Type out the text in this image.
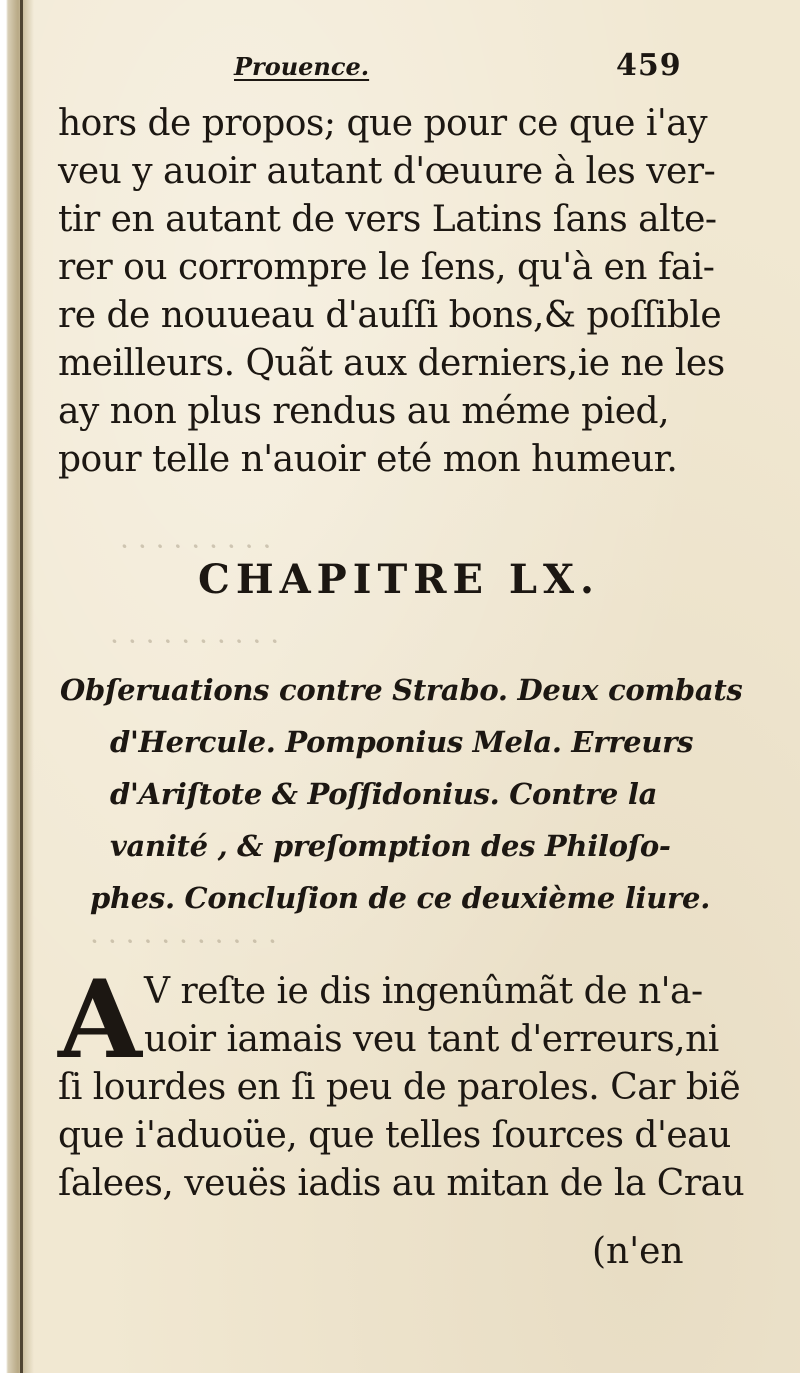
· · · · · · · · ·
· · · · · · · · · ·
· · · · · · · · · · ·
Prouence.	459
hors de propos; que pour ce que i'ay
veu y auoir autant d'œuure à les ver-
tir en autant de vers Latins ſans alte-
rer ou corrompre le ſens, qu'à en fai-
re de nouueau d'auſſi bons,& poſſible
meilleurs. Quãt aux derniers,ie ne les
ay non plus rendus au méme pied,
pour telle n'auoir eté mon humeur.
CHAPITRE LX.
Obſeruations contre Strabo. Deux combats
d'Hercule. Pomponius Mela. Erreurs
d'Ariſtote & Poſſidonius. Contre la
vanité , & preſomption des Philoſo-
phes. Concluſion de ce deuxième liure.
A V reſte ie dis ingenûmãt de n'a-
uoir iamais veu tant d'erreurs,ni
ſi lourdes en ſi peu de paroles. Car biẽ
que i'aduoüe, que telles ſources d'eau
ſalees, veuës iadis au mitan de la Crau
(n'en
